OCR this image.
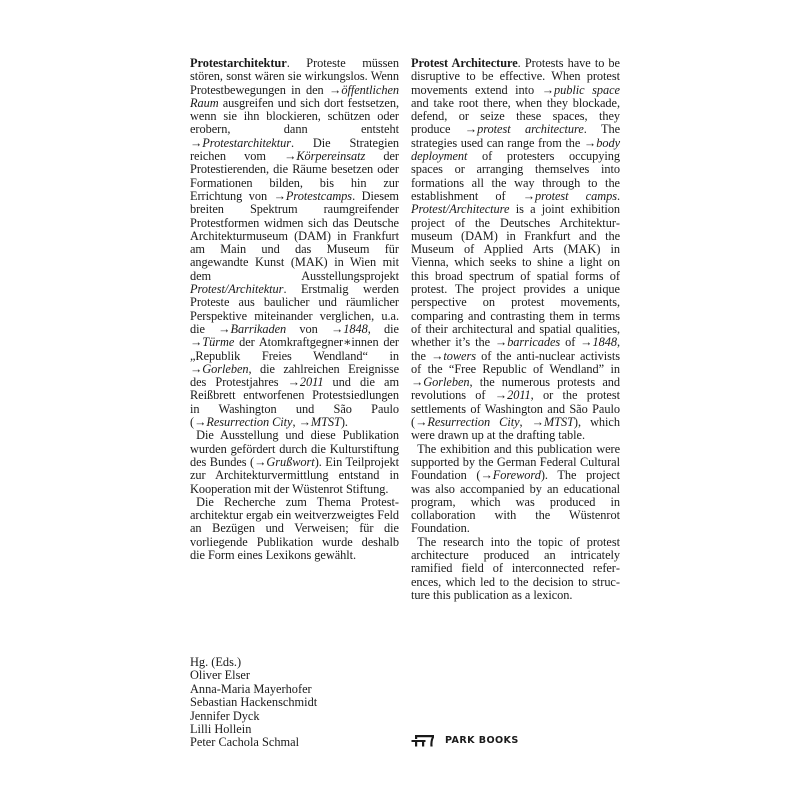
Protestarchitektur. Proteste müssen stören, sonst wären sie wirkungslos. Wenn Protestbewegungen in den →öffentlichen Raum ausgreifen und sich dort festsetzen, wenn sie ihn blockieren, schützen oder erobern, dann entsteht →Protestarchitektur. Die Strategien reichen vom →Körpereinsatz der Protestierenden, die Räume besetzen oder Formationen bilden, bis hin zur Errichtung von →Protestcamps. Diesem breiten Spektrum raumgreifender Protestformen widmen sich das Deutsche Architekturmuseum (DAM) in Frankfurt am Main und das Museum für angewandte Kunst (MAK) in Wien mit dem Ausstellungsprojekt Protest/Architektur. Erstmalig werden Proteste aus baulicher und räumlicher Perspektive miteinander verglichen, u.a. die →Barrikaden von →1848, die →Türme der Atomkraftgegner∗innen der „Republik Freies Wendland“ in →Gorleben, die zahlreichen Ereignisse des Protestjahres →2011 und die am Reißbrett entworfenen Protestsiedlungen in Washington und São Paulo (→Resurrection City, →MTST).

Die Ausstellung und diese Publikation wurden gefördert durch die Kulturstiftung des Bundes (→Grußwort). Ein Teilprojekt zur Architekturvermittlung entstand in Kooperation mit der Wüstenrot Stiftung.

Die Recherche zum Thema Protestarchitektur ergab ein weitverzweigtes Feld an Bezügen und Verweisen; für die vorliegende Publikation wurde deshalb die Form eines Lexikons gewählt.

Protest Architecture. Protests have to be disruptive to be effective. When protest movements extend into →public space and take root there, when they blockade, defend, or seize these spaces, they produce →protest architecture. The strategies used can range from the →body deployment of protesters occupying spaces or arranging themselves into formations all the way through to the establishment of →protest camps. Protest/Architecture is a joint exhibition project of the Deutsches Architekturmuseum (DAM) in Frankfurt and the Museum of Applied Arts (MAK) in Vienna, which seeks to shine a light on this broad spectrum of spatial forms of protest. The project provides a unique perspective on protest movements, comparing and contrasting them in terms of their architectural and spatial qualities, whether it’s the →barricades of →1848, the →towers of the anti-nuclear activists of the “Free Republic of Wendland” in →Gorleben, the numerous protests and revolutions of →2011, or the protest settlements of Washington and São Paulo (→Resurrection City, →MTST), which were drawn up at the drafting table.

The exhibition and this publication were supported by the German Federal Cultural Foundation (→Foreword). The project was also accompanied by an educational program, which was produced in collaboration with the Wüstenrot Foundation.

The research into the topic of protest architecture produced an intricately ramified field of interconnected references, which led to the decision to structure this publication as a lexicon.

Hg. (Eds.)
Oliver Elser
Anna-Maria Mayerhofer
Sebastian Hackenschmidt
Jennifer Dyck
Lilli Hollein
Peter Cachola Schmal	PARK BOOKS
